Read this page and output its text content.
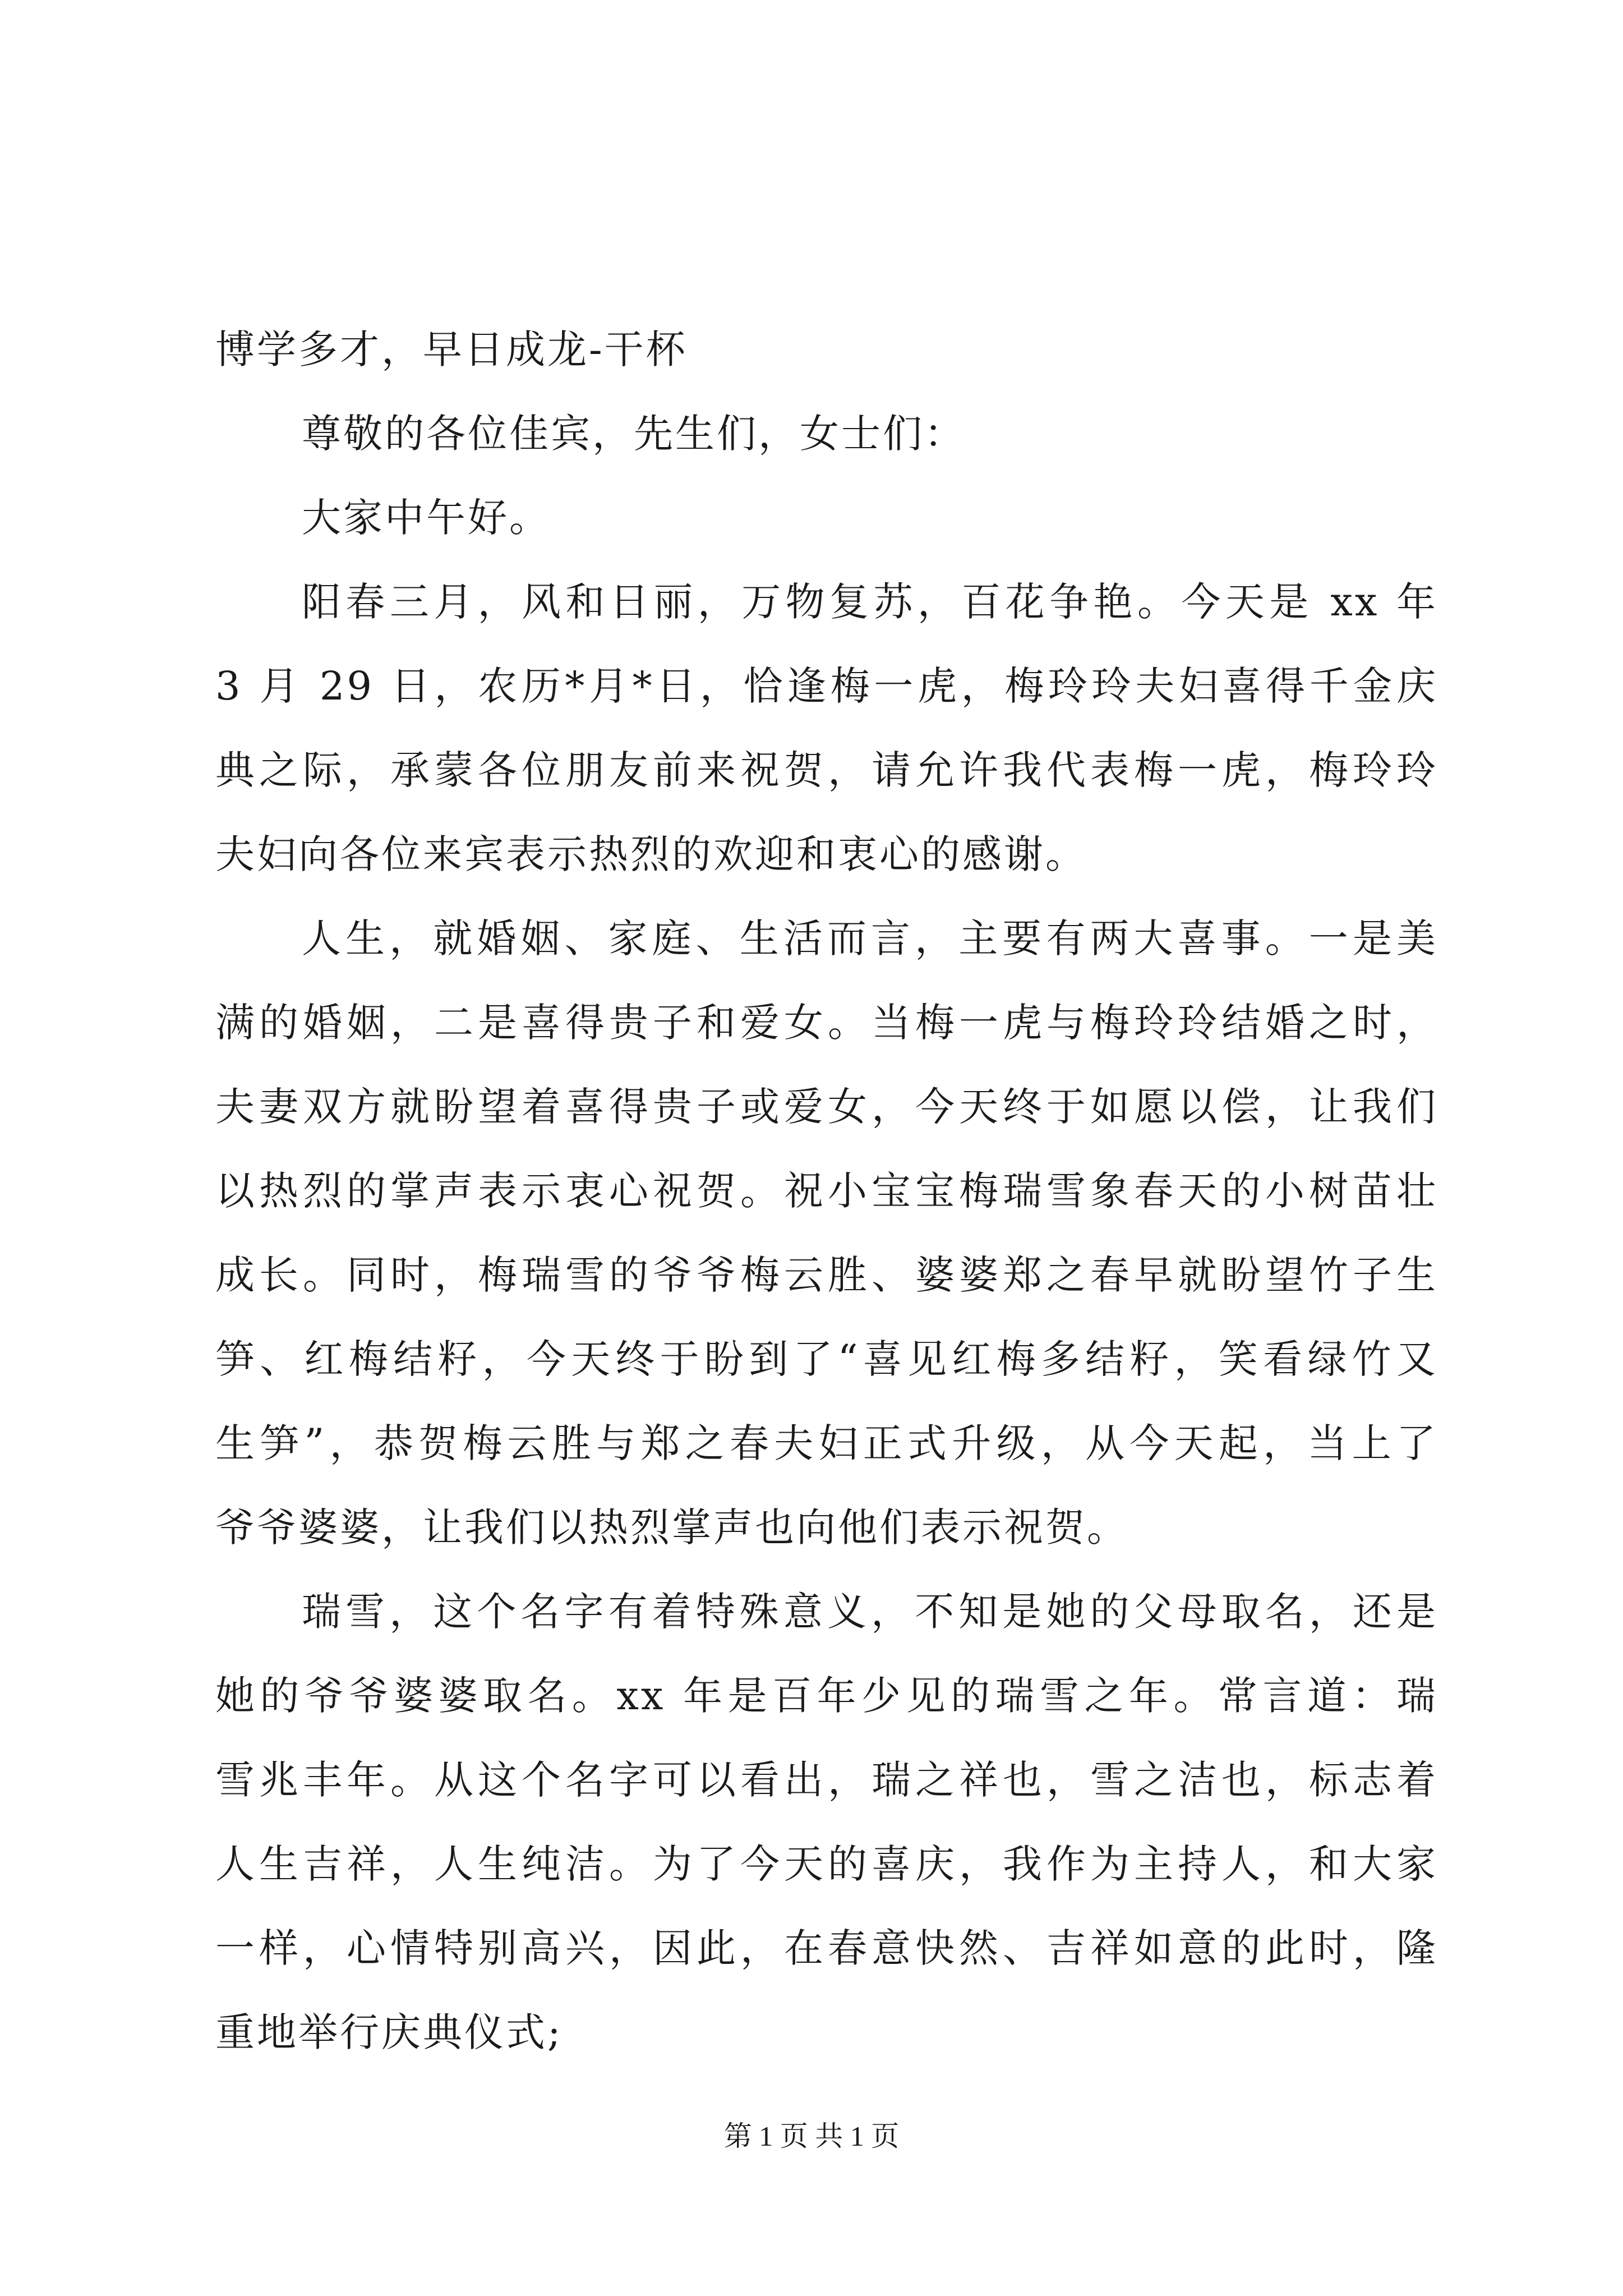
博学多才，早日成龙-干杯
尊敬的各位佳宾，先生们，女士们：
大家中午好。
阳春三月，风和日丽，万物复苏，百花争艳。今天是 xx 年
3 月 29 日，农历*月*日，恰逢梅一虎，梅玲玲夫妇喜得千金庆
典之际，承蒙各位朋友前来祝贺，请允许我代表梅一虎，梅玲玲
夫妇向各位来宾表示热烈的欢迎和衷心的感谢。
人生，就婚姻、家庭、生活而言，主要有两大喜事。一是美
满的婚姻，二是喜得贵子和爱女。当梅一虎与梅玲玲结婚之时，
夫妻双方就盼望着喜得贵子或爱女，今天终于如愿以偿，让我们
以热烈的掌声表示衷心祝贺。祝小宝宝梅瑞雪象春天的小树苗壮
成长。同时，梅瑞雪的爷爷梅云胜、婆婆郑之春早就盼望竹子生
笋、红梅结籽，今天终于盼到了“喜见红梅多结籽，笑看绿竹又
生笋”，恭贺梅云胜与郑之春夫妇正式升级，从今天起，当上了
爷爷婆婆，让我们以热烈掌声也向他们表示祝贺。
瑞雪，这个名字有着特殊意义，不知是她的父母取名，还是
她的爷爷婆婆取名。xx 年是百年少见的瑞雪之年。常言道：瑞
雪兆丰年。从这个名字可以看出，瑞之祥也，雪之洁也，标志着
人生吉祥，人生纯洁。为了今天的喜庆，我作为主持人，和大家
一样，心情特别高兴，因此，在春意快然、吉祥如意的此时，隆
重地举行庆典仪式;
第 1 页 共 1 页
